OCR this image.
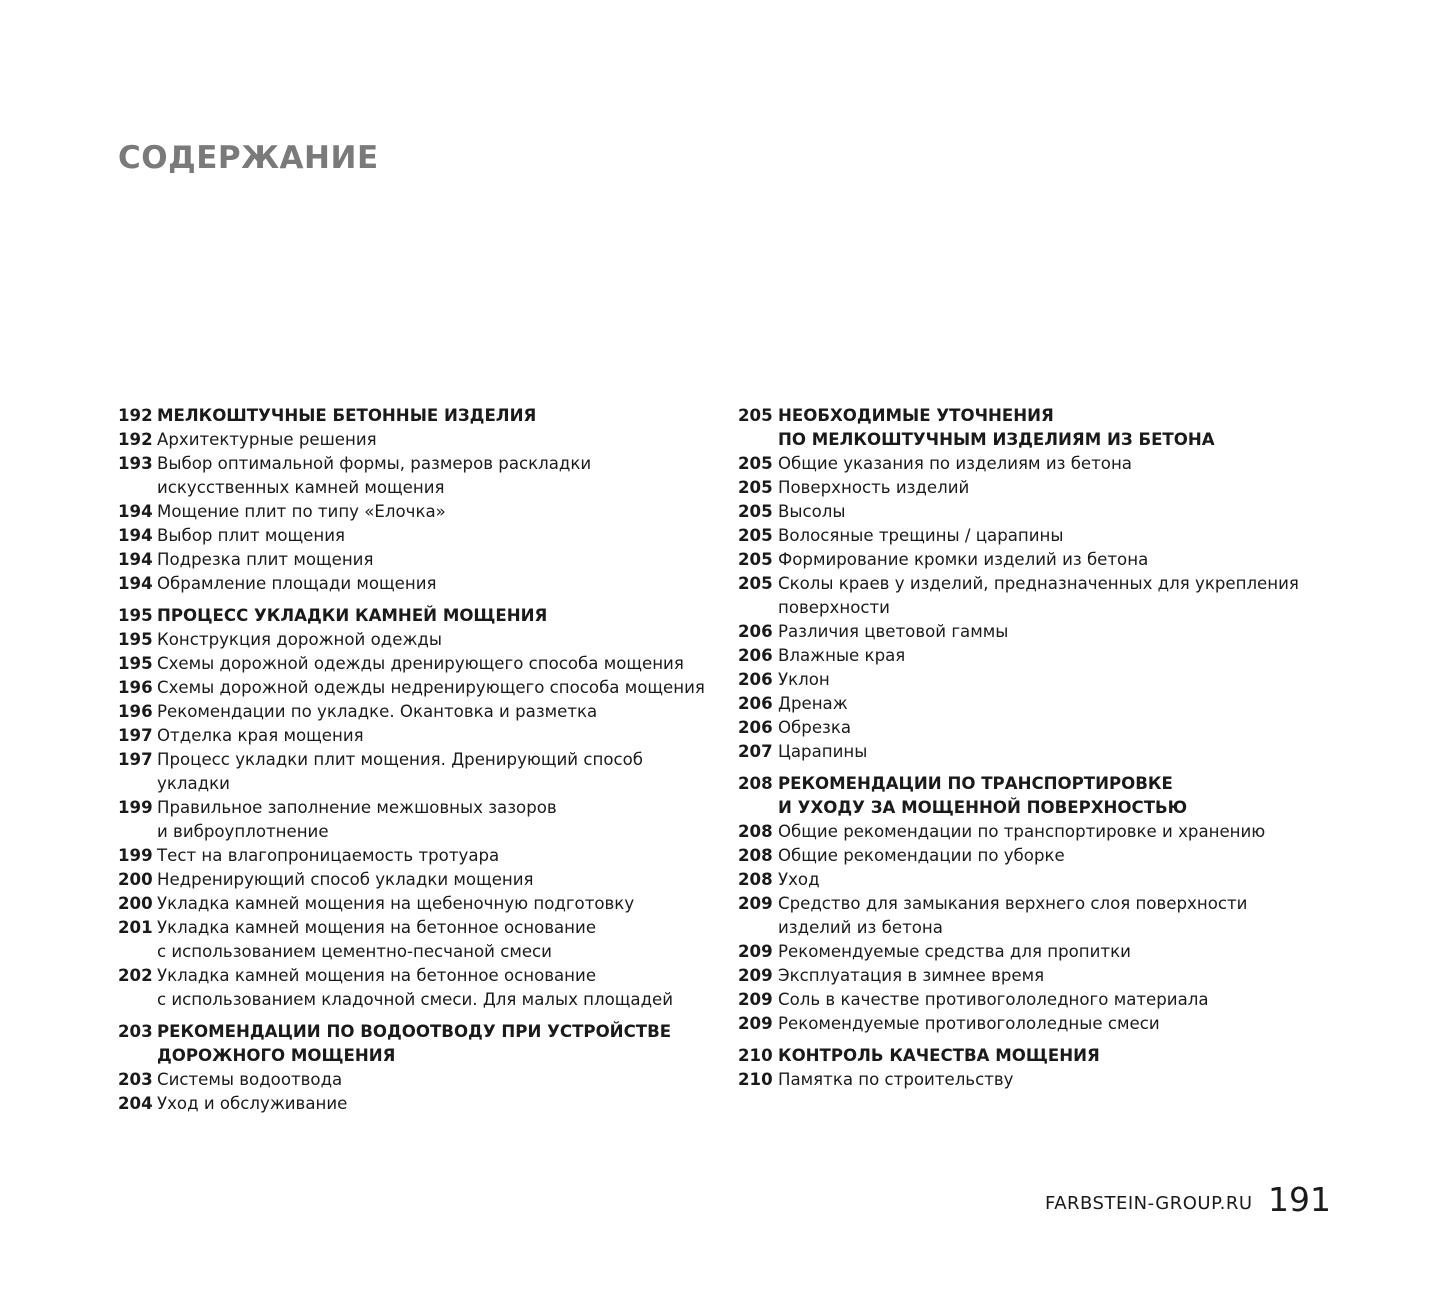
СОДЕРЖАНИЕ
192 МЕЛКОШТУЧНЫЕ БЕТОННЫЕ ИЗДЕЛИЯ
192 Архитектурные решения
193 Выбор оптимальной формы, размеров раскладки
искусственных камней мощения
194 Мощение плит по типу «Елочка»
194 Выбор плит мощения
194 Подрезка плит мощения
194 Обрамление площади мощения
195 ПРОЦЕСС УКЛАДКИ КАМНЕЙ МОЩЕНИЯ
195 Конструкция дорожной одежды
195 Схемы дорожной одежды дренирующего способа мощения
196 Схемы дорожной одежды недренирующего способа мощения
196 Рекомендации по укладке. Окантовка и разметка
197 Отделка края мощения
197 Процесс укладки плит мощения. Дренирующий способ укладки
199 Правильное заполнение межшовных зазоров
и виброуплотнение
199 Тест на влагопроницаемость тротуара
200 Недренирующий способ укладки мощения
200 Укладка камней мощения на щебеночную подготовку
201 Укладка камней мощения на бетонное основание
с использованием цементно-песчаной смеси
202 Укладка камней мощения на бетонное основание
с использованием кладочной смеси. Для малых площадей
203 РЕКОМЕНДАЦИИ ПО ВОДООТВОДУ ПРИ УСТРОЙСТВЕ
ДОРОЖНОГО МОЩЕНИЯ
203 Системы водоотвода
204 Уход и обслуживание
205 НЕОБХОДИМЫЕ УТОЧНЕНИЯ
ПО МЕЛКОШТУЧНЫМ ИЗДЕЛИЯМ ИЗ БЕТОНА
205 Общие указания по изделиям из бетона
205 Поверхность изделий
205 Высолы
205 Волосяные трещины / царапины
205 Формирование кромки изделий из бетона
205 Сколы краев у изделий, предназначенных для укрепления
поверхности
206 Различия цветовой гаммы
206 Влажные края
206 Уклон
206 Дренаж
206 Обрезка
207 Царапины
208 РЕКОМЕНДАЦИИ ПО ТРАНСПОРТИРОВКЕ
И УХОДУ ЗА МОЩЕННОЙ ПОВЕРХНОСТЬЮ
208 Общие рекомендации по транспортировке и хранению
208 Общие рекомендации по уборке
208 Уход
209 Средство для замыкания верхнего слоя поверхности
изделий из бетона
209 Рекомендуемые средства для пропитки
209 Эксплуатация в зимнее время
209 Соль в качестве противогололедного материала
209 Рекомендуемые противогололедные смеси
210 КОНТРОЛЬ КАЧЕСТВА МОЩЕНИЯ
210 Памятка по строительству
FARBSTEIN-GROUP.RU 191
